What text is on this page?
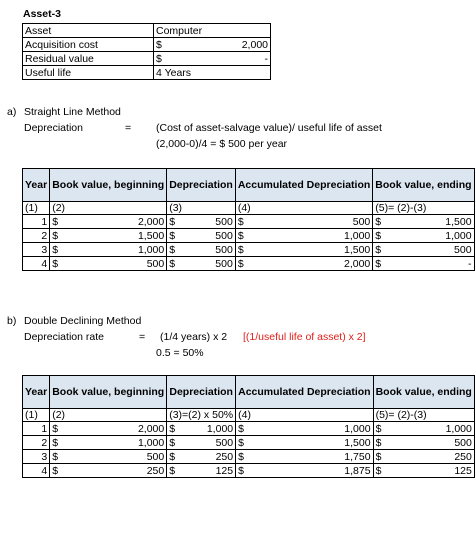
Asset-3
Asset	Computer	
Acquisition cost	$	2,000
Residual value	$	-
Useful life	4 Years	
a) Straight Line Method
Depreciation	= (Cost of asset-salvage value)/ useful life of asset
(2,000-0)/4 = $ 500 per year
Year	Book value, beginning		Depreciation		Accumulated Depreciation		Book value, ending	
(1)	(2)		(3)		(4)		(5)= (2)-(3)	
1	$	2,000	$	500	$	500	$	1,500
2	$	1,500	$	500	$	1,000	$	1,000
3	$	1,000	$	500	$	1,500	$	500
4	$	500	$	500	$	2,000	$	-
b) Double Declining Method
Depreciation rate	= (1/4 years) x 2 [(1/useful life of asset) x 2]
0.5 = 50%
Year	Book value, beginning		Depreciation		Accumulated Depreciation		Book value, ending	
(1)	(2)		(3)=(2) x 50%		(4)		(5)= (2)-(3)	
1	$	2,000	$	1,000	$	1,000	$	1,000
2	$	1,000	$	500	$	1,500	$	500
3	$	500	$	250	$	1,750	$	250
4	$	250	$	125	$	1,875	$	125
